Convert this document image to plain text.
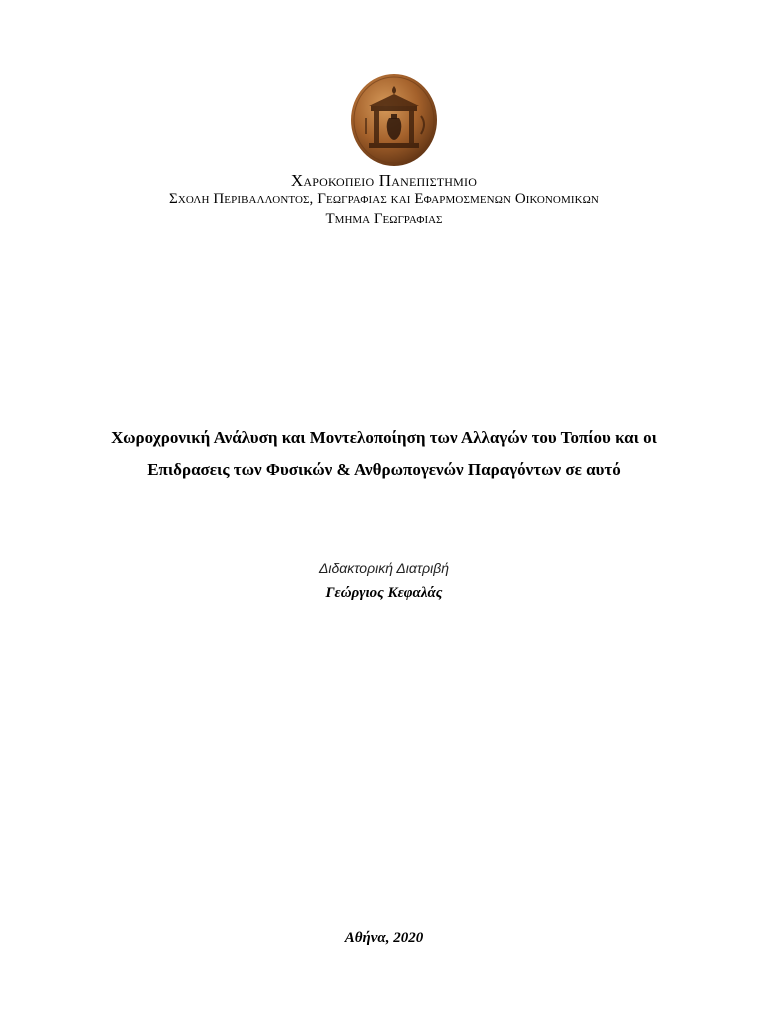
Χαροκοπειο Πανεπιστημιο
Σχολη Περιβαλλοντος, Γεωγραφιας και Εφαρμοσμενων Οικονομικων
Τμημα Γεωγραφιας
Χωροχρονική Ανάλυση και Μοντελοποίηση των Αλλαγών του Τοπίου και οι
Επιδρασεις των Φυσικών & Ανθρωπογενών Παραγόντων σε αυτό
Διδακτορική Διατριβή
Γεώργιος Κεφαλάς
Αθήνα, 2020
